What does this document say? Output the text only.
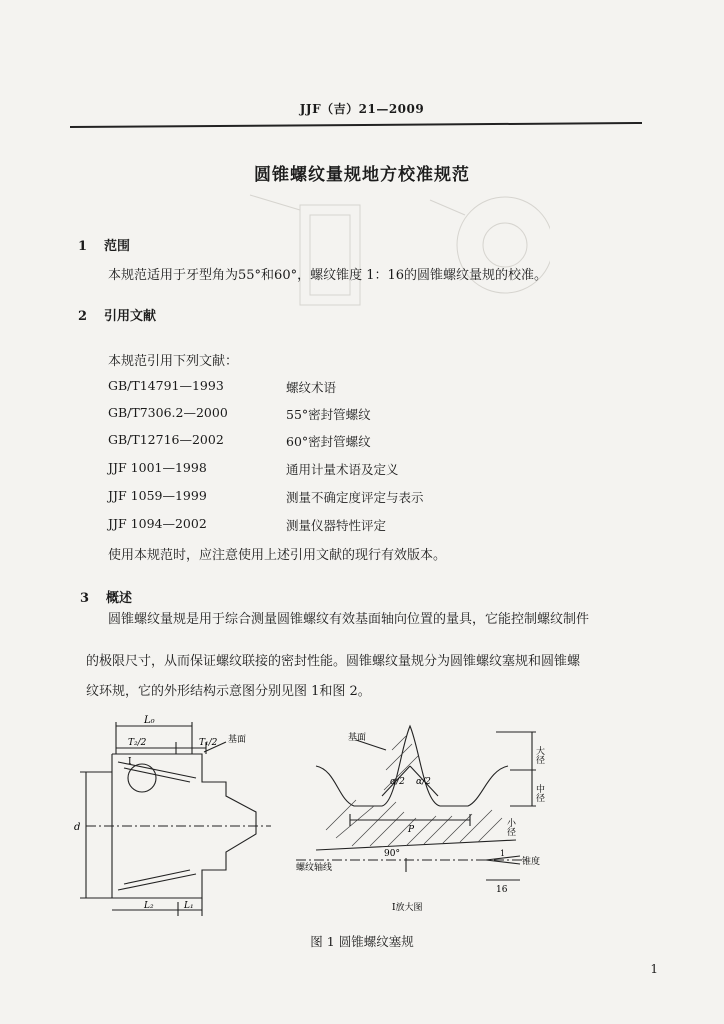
JJF（吉）21—2009
圆锥螺纹量规地方校准规范
1 范围
本规范适用于牙型角为55°和60°，螺纹锥度 1：16的圆锥螺纹量规的校准。
2 引用文献
本规范引用下列文献：
GB/T14791—1993	螺纹术语
GB/T7306.2—2000	55°密封管螺纹
GB/T12716—2002	60°密封管螺纹
JJF 1001—1998	通用计量术语及定义
JJF 1059—1999	测量不确定度评定与表示
JJF 1094—2002	测量仪器特性评定
使用本规范时，应注意使用上述引用文献的现行有效版本。
3 概述
圆锥螺纹量规是用于综合测量圆锥螺纹有效基面轴向位置的量具，它能控制螺纹制件
的极限尺寸，从而保证螺纹联接的密封性能。圆锥螺纹量规分为圆锥螺纹塞规和圆锥螺
纹环规，它的外形结构示意图分别见图 1和图 2。
L₀
T₂/2	T₁/2 基面
I
d
L₂	L₁
基面
大径
中径
小径
α/2 α/2
P
螺纹轴线
90°
锥度
1
16
I放大图
图 1 圆锥螺纹塞规
1
